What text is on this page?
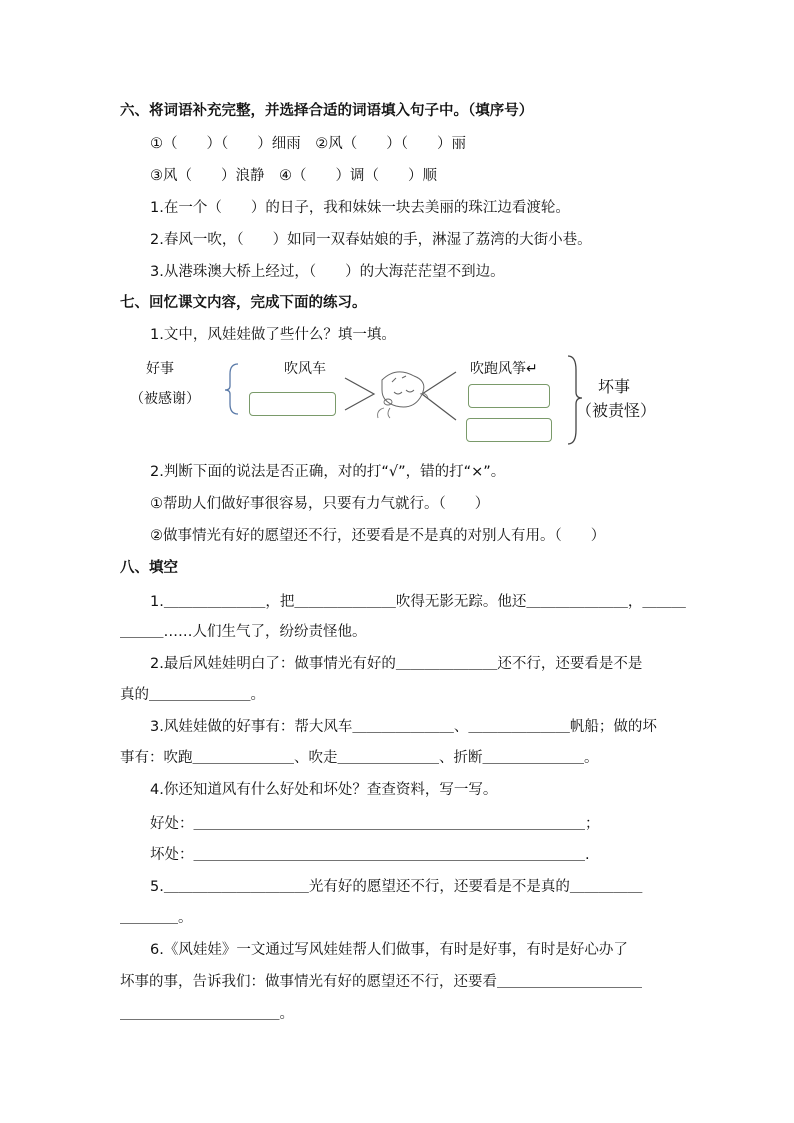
六、将词语补充完整，并选择合适的词语填入句子中。（填序号）
①（　　）（　　）细雨　②风（　　）（　　）丽
③风（　　）浪静　④（　　）调（　　）顺
1.在一个（　　）的日子，我和妹妹一块去美丽的珠江边看渡轮。
2.春风一吹，（　　）如同一双春姑娘的手，淋湿了荔湾的大街小巷。
3.从港珠澳大桥上经过，（　　）的大海茫茫望不到边。
七、回忆课文内容，完成下面的练习。
1.文中，风娃娃做了些什么？填一填。
好事
（被感谢）
吹风车	吹跑风筝↵
坏事
（被责怪）
2.判断下面的说法是否正确，对的打“√”，错的打“×”。
①帮助人们做好事很容易，只要有力气就行。（　　）
②做事情光有好的愿望还不行，还要看是不是真的对别人有用。（　　）
八、填空
1.＿＿＿＿＿＿＿，把＿＿＿＿＿＿＿吹得无影无踪。他还＿＿＿＿＿＿＿，＿＿＿
＿＿＿……人们生气了，纷纷责怪他。
2.最后风娃娃明白了：做事情光有好的＿＿＿＿＿＿＿还不行，还要看是不是
真的＿＿＿＿＿＿＿。
3.风娃娃做的好事有：帮大风车＿＿＿＿＿＿＿、＿＿＿＿＿＿＿帆船；做的坏
事有：吹跑＿＿＿＿＿＿＿、吹走＿＿＿＿＿＿＿、折断＿＿＿＿＿＿＿。
4.你还知道风有什么好处和坏处？查查资料，写一写。
好处：＿＿＿＿＿＿＿＿＿＿＿＿＿＿＿＿＿＿＿＿＿＿＿＿＿＿＿；
坏处：＿＿＿＿＿＿＿＿＿＿＿＿＿＿＿＿＿＿＿＿＿＿＿＿＿＿＿.
5.＿＿＿＿＿＿＿＿＿＿光有好的愿望还不行，还要看是不是真的＿＿＿＿＿
＿＿＿＿。
6.《风娃娃》一文通过写风娃娃帮人们做事，有时是好事，有时是好心办了
坏事的事，告诉我们：做事情光有好的愿望还不行，还要看＿＿＿＿＿＿＿＿＿＿
＿＿＿＿＿＿＿＿＿＿＿。
